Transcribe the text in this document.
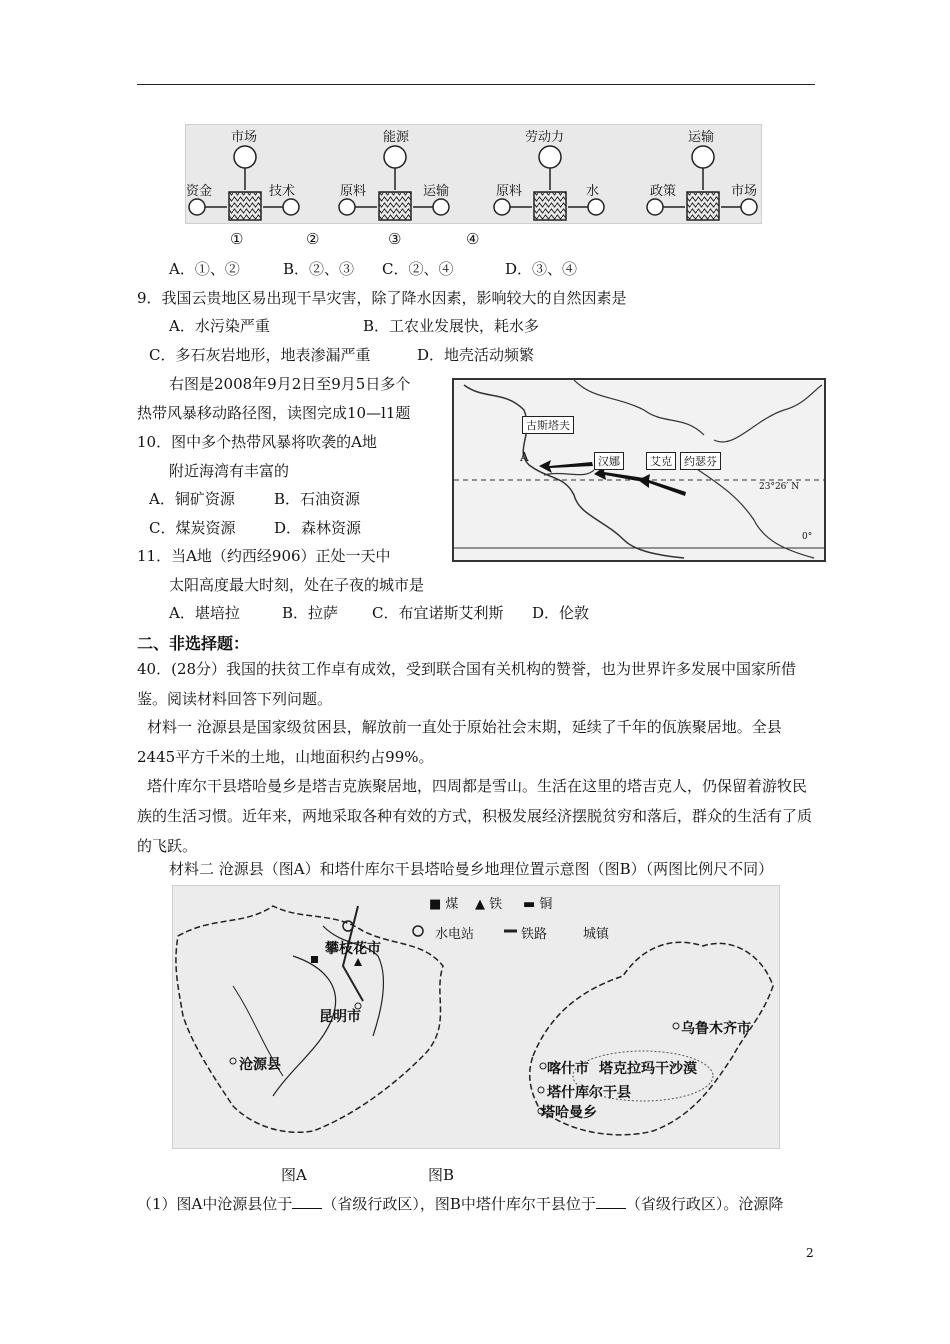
市场
资金	技术
能源
原料	运输
劳动力
原料	水
运输
政策	市场
①	②	③	④
A．①、②	B．②、③ C．②、④	D．③、④
9．我国云贵地区易出现干旱灾害，除了降水因素，影响较大的自然因素是
A．水污染严重	B．工农业发展快，耗水多
C．多石灰岩地形，地表渗漏严重	D．地壳活动频繁
右图是2008年9月2日至9月5日多个
热带风暴移动路径图，读图完成10—l1题
10．图中多个热带风暴将吹袭的A地
附近海湾有丰富的
A．铜矿资源	B．石油资源
C．煤炭资源	D．森林资源
11．当A地（约西经906）正处一天中
太阳高度最大时刻，处在子夜的城市是
A．堪培拉	B．拉萨 C．布宜诺斯艾利斯 D．伦敦
古斯塔夫
汉娜	艾克	约瑟芬
A
23°26′ N
0°
二、非选择题：
40．(28分）我国的扶贫工作卓有成效，受到联合国有关机构的赞誉，也为世界许多发展中国家所借鉴。阅读材料回答下列问题。
材料一 沧源县是国家级贫困县，解放前一直处于原始社会末期，延续了千年的佤族聚居地。全县2445平方千米的土地，山地面积约占99%。
塔什库尔干县塔哈曼乡是塔吉克族聚居地，四周都是雪山。生活在这里的塔吉克人，仍保留着游牧民族的生活习惯。近年来，两地采取各种有效的方式，积极发展经济摆脱贫穷和落后，群众的生活有了质的飞跃。
材料二 沧源县（图A）和塔什库尔干县塔哈曼乡地理位置示意图（图B）（两图比例尺不同）
■ 煤 ▲ 铁 ▬ 铜
水电站	铁路	城镇
攀枝花市
昆明市
沧源县
乌鲁木齐市
塔克拉玛干沙漠
喀什市
塔什库尔干县
塔哈曼乡
图A	图B
（1）图A中沧源县位于 （省级行政区），图B中塔什库尔干县位于 （省级行政区）。沧源降
2
